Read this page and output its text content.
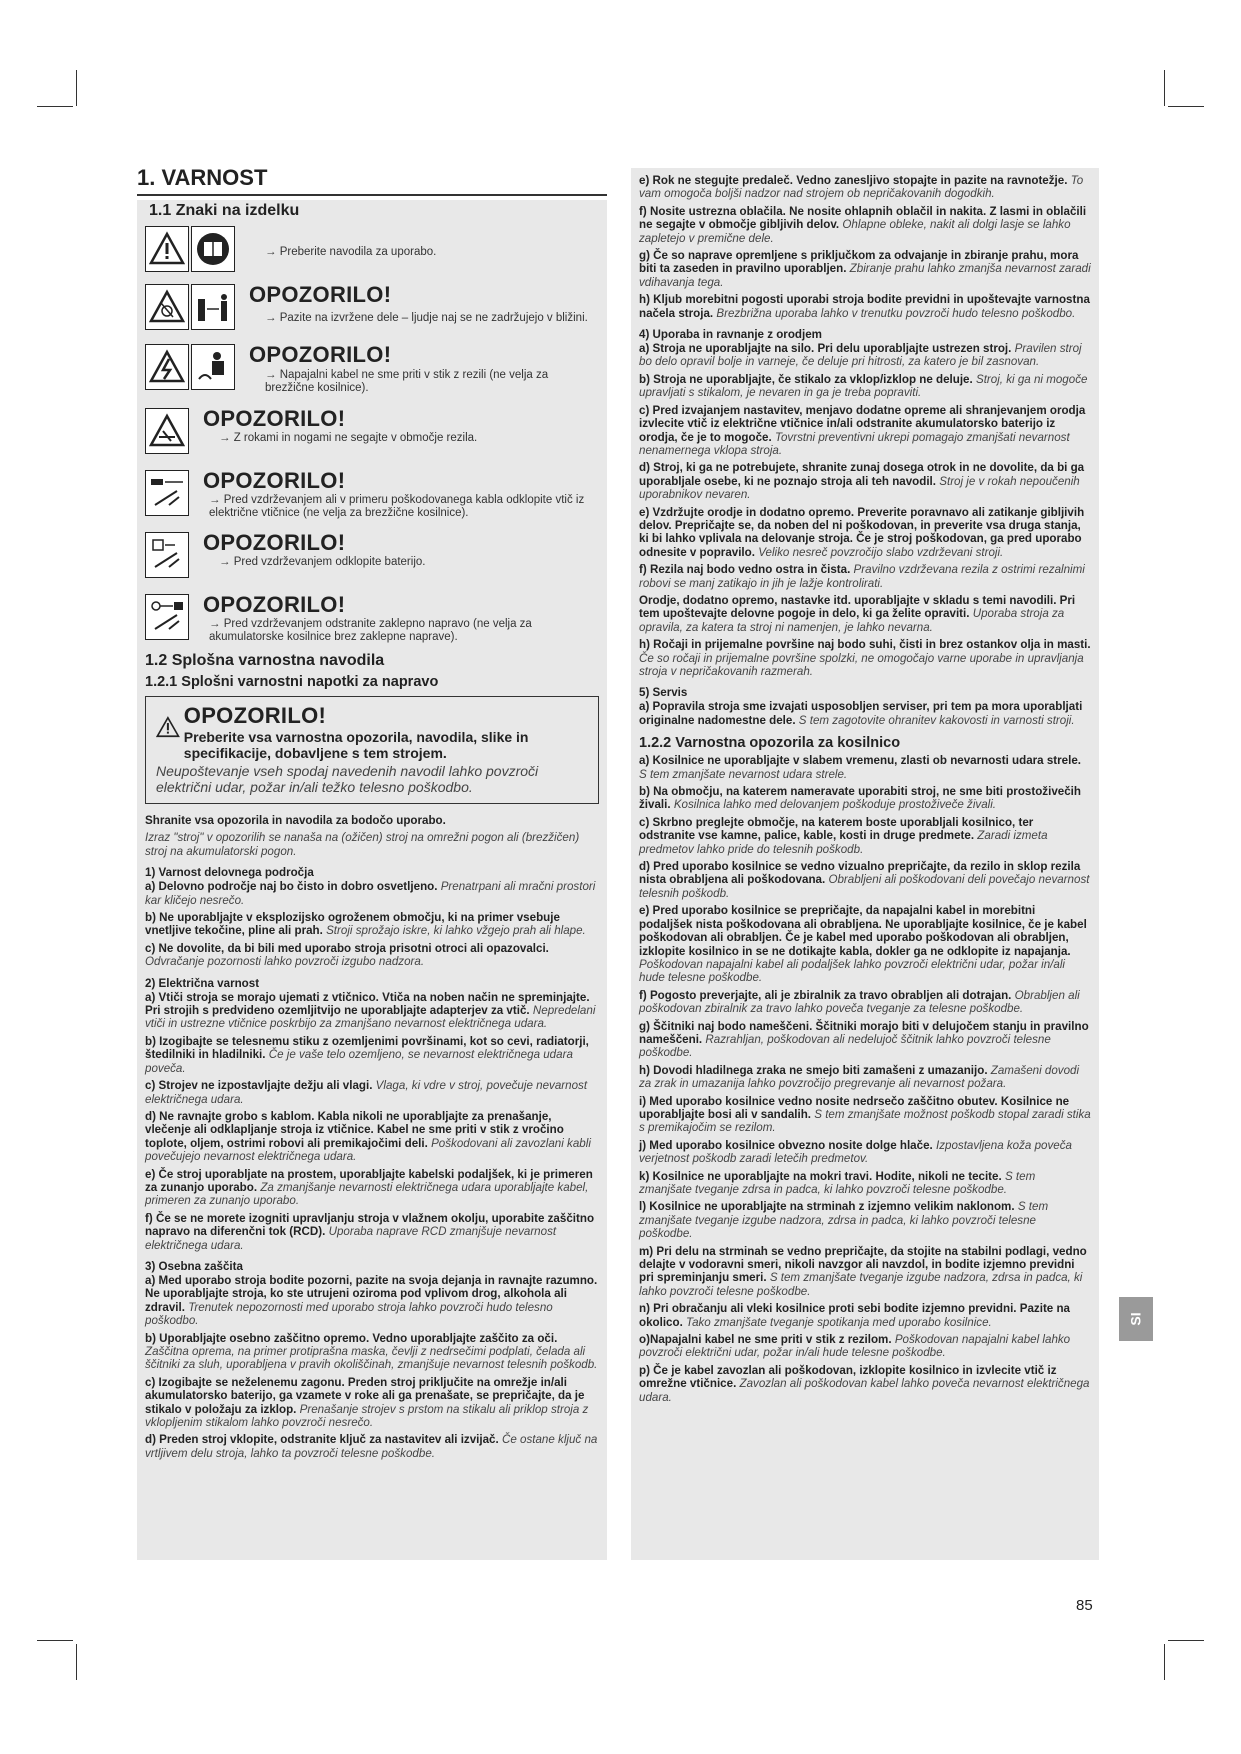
1. VARNOST
1.1 Znaki na izdelku
→ Preberite navodila za uporabo.
OPOZORILO!
→ Pazite na izvržene dele – ljudje naj se ne zadržujejo v bližini.
OPOZORILO!
→ Napajalni kabel ne sme priti v stik z rezili (ne velja za brezžične kosilnice).
OPOZORILO!
→ Z rokami in nogami ne segajte v območje rezila.
OPOZORILO!
→ Pred vzdrževanjem ali v primeru poškodovanega kabla odklopite vtič iz električne vtičnice (ne velja za brezžične kosilnice).
OPOZORILO!
→ Pred vzdrževanjem odklopite baterijo.
OPOZORILO!
→ Pred vzdrževanjem odstranite zaklepno napravo (ne velja za akumulatorske kosilnice brez zaklepne naprave).
1.2 Splošna varnostna navodila
1.2.1 Splošni varnostni napotki za napravo
OPOZORILO!
Preberite vsa varnostna opozorila, navodila, slike in specifikacije, dobavljene s tem strojem.
Neupoštevanje vseh spodaj navedenih navodil lahko povzroči električni udar, požar in/ali težko telesno poškodbo.

Shranite vsa opozorila in navodila za bodočo uporabo.

Izraz "stroj" v opozorilih se nanaša na (ožičen) stroj na omrežni pogon ali (brezžičen) stroj na akumulatorski pogon.

1) Varnost delovnega področja

a) Delovno področje naj bo čisto in dobro osvetljeno. Prenatrpani ali mračni prostori kar kličejo nesrečo.

b) Ne uporabljajte v eksplozijsko ogroženem območju, ki na primer vsebuje vnetljive tekočine, pline ali prah. Stroji sprožajo iskre, ki lahko vžgejo prah ali hlape.

c) Ne dovolite, da bi bili med uporabo stroja prisotni otroci ali opazovalci. Odvračanje pozornosti lahko povzroči izgubo nadzora.

2) Električna varnost

a) Vtiči stroja se morajo ujemati z vtičnico. Vtiča na noben način ne spreminjajte. Pri strojih s predvideno ozemljitvijo ne uporabljajte adapterjev za vtič. Nepredelani vtiči in ustrezne vtičnice poskrbijo za zmanjšano nevarnost električnega udara.

b) Izogibajte se telesnemu stiku z ozemljenimi površinami, kot so cevi, radiatorji, štedilniki in hladilniki. Če je vaše telo ozemljeno, se nevarnost električnega udara poveča.

c) Strojev ne izpostavljajte dežju ali vlagi. Vlaga, ki vdre v stroj, povečuje nevarnost električnega udara.

d) Ne ravnajte grobo s kablom. Kabla nikoli ne uporabljajte za prenašanje, vlečenje ali odklapljanje stroja iz vtičnice. Kabel ne sme priti v stik z vročino toplote, oljem, ostrimi robovi ali premikajočimi deli. Poškodovani ali zavozlani kabli povečujejo nevarnost električnega udara.

e) Če stroj uporabljate na prostem, uporabljajte kabelski podaljšek, ki je primeren za zunanjo uporabo. Za zmanjšanje nevarnosti električnega udara uporabljajte kabel, primeren za zunanjo uporabo.

f) Če se ne morete izogniti upravljanju stroja v vlažnem okolju, uporabite zaščitno napravo na diferenčni tok (RCD). Uporaba naprave RCD zmanjšuje nevarnost električnega udara.

3) Osebna zaščita

a) Med uporabo stroja bodite pozorni, pazite na svoja dejanja in ravnajte razumno. Ne uporabljajte stroja, ko ste utrujeni oziroma pod vplivom drog, alkohola ali zdravil. Trenutek nepozornosti med uporabo stroja lahko povzroči hudo telesno poškodbo.

b) Uporabljajte osebno zaščitno opremo. Vedno uporabljajte zaščito za oči. Zaščitna oprema, na primer protiprašna maska, čevlji z nedrsečimi podplati, čelada ali ščitniki za sluh, uporabljena v pravih okoliščinah, zmanjšuje nevarnost telesnih poškodb.

c) Izogibajte se neželenemu zagonu. Preden stroj priključite na omrežje in/ali akumulatorsko baterijo, ga vzamete v roke ali ga prenašate, se prepričajte, da je stikalo v položaju za izklop. Prenašanje strojev s prstom na stikalu ali priklop stroja z vklopljenim stikalom lahko povzroči nesrečo.

d) Preden stroj vklopite, odstranite ključ za nastavitev ali izvijač. Če ostane ključ na vrtljivem delu stroja, lahko ta povzroči telesne poškodbe.

e) Rok ne stegujte predaleč. Vedno zanesljivo stopajte in pazite na ravnotežje. To vam omogoča boljši nadzor nad strojem ob nepričakovanih dogodkih.

f) Nosite ustrezna oblačila. Ne nosite ohlapnih oblačil in nakita. Z lasmi in oblačili ne segajte v območje gibljivih delov. Ohlapne obleke, nakit ali dolgi lasje se lahko zapletejo v premične dele.

g) Če so naprave opremljene s priključkom za odvajanje in zbiranje prahu, mora biti ta zaseden in pravilno uporabljen. Zbiranje prahu lahko zmanjša nevarnost zaradi vdihavanja tega.

h) Kljub morebitni pogosti uporabi stroja bodite previdni in upoštevajte varnostna načela stroja. Brezbrižna uporaba lahko v trenutku povzroči hudo telesno poškodbo.

4) Uporaba in ravnanje z orodjem

a) Stroja ne uporabljajte na silo. Pri delu uporabljajte ustrezen stroj. Pravilen stroj bo delo opravil bolje in varneje, če deluje pri hitrosti, za katero je bil zasnovan.

b) Stroja ne uporabljajte, če stikalo za vklop/izklop ne deluje. Stroj, ki ga ni mogoče upravljati s stikalom, je nevaren in ga je treba popraviti.

c) Pred izvajanjem nastavitev, menjavo dodatne opreme ali shranjevanjem orodja izvlecite vtič iz električne vtičnice in/ali odstranite akumulatorsko baterijo iz orodja, če je to mogoče. Tovrstni preventivni ukrepi pomagajo zmanjšati nevarnost nenamernega vklopa stroja.

d) Stroj, ki ga ne potrebujete, shranite zunaj dosega otrok in ne dovolite, da bi ga uporabljale osebe, ki ne poznajo stroja ali teh navodil. Stroj je v rokah nepoučenih uporabnikov nevaren.

e) Vzdržujte orodje in dodatno opremo. Preverite poravnavo ali zatikanje gibljivih delov. Prepričajte se, da noben del ni poškodovan, in preverite vsa druga stanja, ki bi lahko vplivala na delovanje stroja. Če je stroj poškodovan, ga pred uporabo odnesite v popravilo. Veliko nesreč povzročijo slabo vzdrževani stroji.

f) Rezila naj bodo vedno ostra in čista. Pravilno vzdrževana rezila z ostrimi rezalnimi robovi se manj zatikajo in jih je lažje kontrolirati.

Orodje, dodatno opremo, nastavke itd. uporabljajte v skladu s temi navodili. Pri tem upoštevajte delovne pogoje in delo, ki ga želite opraviti. Uporaba stroja za opravila, za katera ta stroj ni namenjen, je lahko nevarna.

h) Ročaji in prijemalne površine naj bodo suhi, čisti in brez ostankov olja in masti. Če so ročaji in prijemalne površine spolzki, ne omogočajo varne uporabe in upravljanja stroja v nepričakovanih razmerah.

5) Servis

a) Popravila stroja sme izvajati usposobljen serviser, pri tem pa mora uporabljati originalne nadomestne dele. S tem zagotovite ohranitev kakovosti in varnosti stroji.

1.2.2 Varnostna opozorila za kosilnico

a) Kosilnice ne uporabljajte v slabem vremenu, zlasti ob nevarnosti udara strele. S tem zmanjšate nevarnost udara strele.

b) Na območju, na katerem nameravate uporabiti stroj, ne sme biti prostoživečih živali. Kosilnica lahko med delovanjem poškoduje prostoživeče živali.

c) Skrbno preglejte območje, na katerem boste uporabljali kosilnico, ter odstranite vse kamne, palice, kable, kosti in druge predmete. Zaradi izmeta predmetov lahko pride do telesnih poškodb.

d) Pred uporabo kosilnice se vedno vizualno prepričajte, da rezilo in sklop rezila nista obrabljena ali poškodovana. Obrabljeni ali poškodovani deli povečajo nevarnost telesnih poškodb.

e) Pred uporabo kosilnice se prepričajte, da napajalni kabel in morebitni podaljšek nista poškodovana ali obrabljena. Ne uporabljajte kosilnice, če je kabel poškodovan ali obrabljen. Če je kabel med uporabo poškodovan ali obrabljen, izklopite kosilnico in se ne dotikajte kabla, dokler ga ne odklopite iz napajanja. Poškodovan napajalni kabel ali podaljšek lahko povzroči električni udar, požar in/ali hude telesne poškodbe.

f) Pogosto preverjajte, ali je zbiralnik za travo obrabljen ali dotrajan. Obrabljen ali poškodovan zbiralnik za travo lahko poveča tveganje za telesne poškodbe.

g) Ščitniki naj bodo nameščeni. Ščitniki morajo biti v delujočem stanju in pravilno nameščeni. Razrahljan, poškodovan ali nedelujoč ščitnik lahko povzroči telesne poškodbe.

h) Dovodi hladilnega zraka ne smejo biti zamašeni z umazanijo. Zamašeni dovodi za zrak in umazanija lahko povzročijo pregrevanje ali nevarnost požara.

i) Med uporabo kosilnice vedno nosite nedrsečo zaščitno obutev. Kosilnice ne uporabljajte bosi ali v sandalih. S tem zmanjšate možnost poškodb stopal zaradi stika s premikajočim se rezilom.

j) Med uporabo kosilnice obvezno nosite dolge hlače. Izpostavljena koža poveča verjetnost poškodb zaradi letečih predmetov.

k) Kosilnice ne uporabljajte na mokri travi. Hodite, nikoli ne tecite. S tem zmanjšate tveganje zdrsa in padca, ki lahko povzroči telesne poškodbe.

l) Kosilnice ne uporabljajte na strminah z izjemno velikim naklonom. S tem zmanjšate tveganje izgube nadzora, zdrsa in padca, ki lahko povzroči telesne poškodbe.

m) Pri delu na strminah se vedno prepričajte, da stojite na stabilni podlagi, vedno delajte v vodoravni smeri, nikoli navzgor ali navzdol, in bodite izjemno previdni pri spreminjanju smeri. S tem zmanjšate tveganje izgube nadzora, zdrsa in padca, ki lahko povzroči telesne poškodbe.

n) Pri obračanju ali vleki kosilnice proti sebi bodite izjemno previdni. Pazite na okolico. Tako zmanjšate tveganje spotikanja med uporabo kosilnice.

o)Napajalni kabel ne sme priti v stik z rezilom. Poškodovan napajalni kabel lahko povzroči električni udar, požar in/ali hude telesne poškodbe.

p) Če je kabel zavozlan ali poškodovan, izklopite kosilnico in izvlecite vtič iz omrežne vtičnice. Zavozlan ali poškodovan kabel lahko poveča nevarnost električnega udara.

SI
85
